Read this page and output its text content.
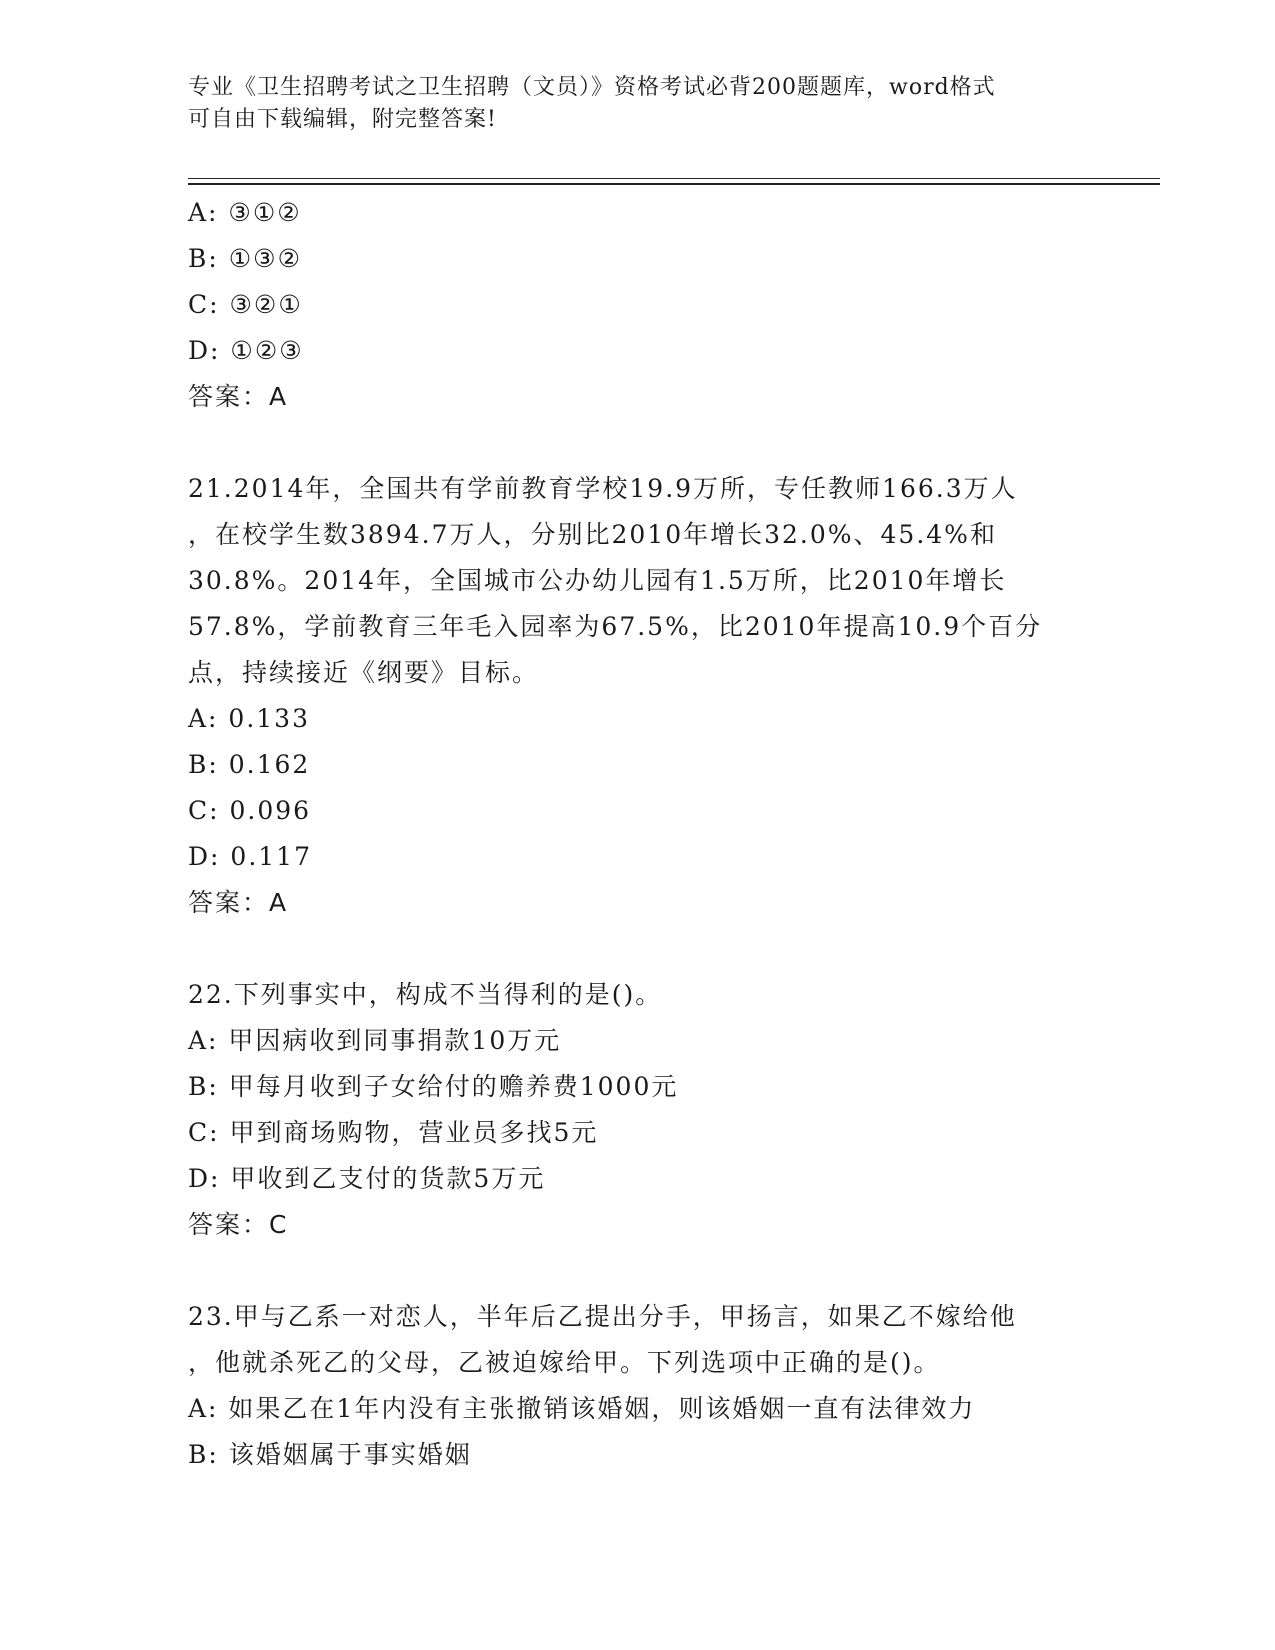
专业《卫生招聘考试之卫生招聘（文员）》资格考试必背200题题库，word格式
可自由下载编辑，附完整答案!
A: ③①②
B: ①③②
C: ③②①
D: ①②③
答案：A
21.2014年，全国共有学前教育学校19.9万所，专任教师166.3万人
，在校学生数3894.7万人，分别比2010年增长32.0%、45.4%和
30.8%。2014年，全国城市公办幼儿园有1.5万所，比2010年增长
57.8%，学前教育三年毛入园率为67.5%，比2010年提高10.9个百分
点，持续接近《纲要》目标。
A: 0.133
B: 0.162
C: 0.096
D: 0.117
答案：A
22.下列事实中，构成不当得利的是()。
A: 甲因病收到同事捐款10万元
B: 甲每月收到子女给付的赡养费1000元
C: 甲到商场购物，营业员多找5元
D: 甲收到乙支付的货款5万元
答案：C
23.甲与乙系一对恋人，半年后乙提出分手，甲扬言，如果乙不嫁给他
，他就杀死乙的父母，乙被迫嫁给甲。下列选项中正确的是()。
A: 如果乙在1年内没有主张撤销该婚姻，则该婚姻一直有法律效力
B: 该婚姻属于事实婚姻
